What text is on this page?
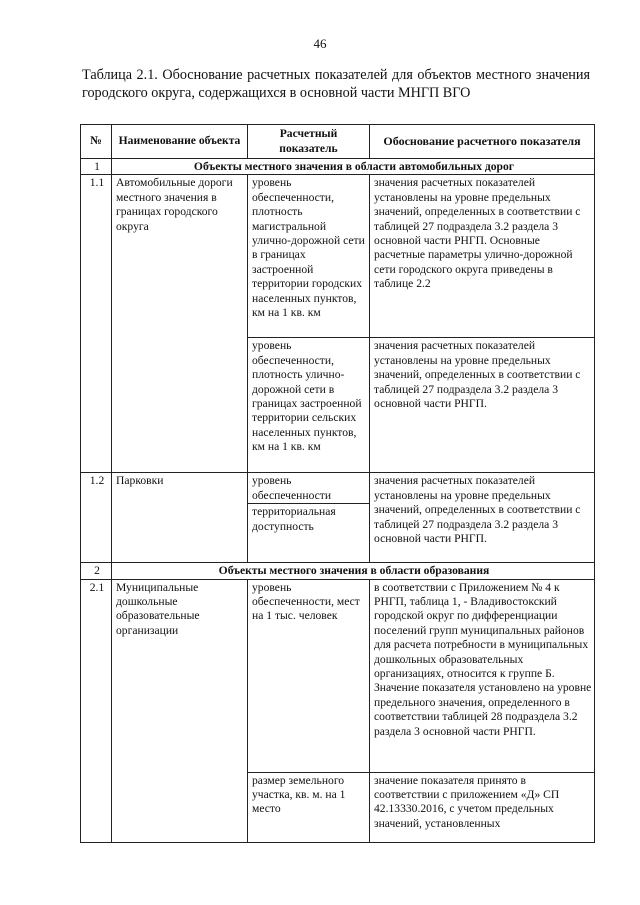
46
Таблица 2.1. Обоснование расчетных показателей для объектов местного значения городского округа, содержащихся в основной части МНГП ВГО
№	Наименование объекта	Расчетный показатель	Обоснование расчетного показателя
1	Объекты местного значения в области автомобильных дорог		
1.1	Автомобильные дороги местного значения в границах городского округа	уровень обеспеченности, плотность магистральной улично-дорожной сети в границах застроенной территории городских населенных пунктов, км на 1 кв. км	значения расчетных показателей установлены на уровне предельных значений, определенных в соответствии с таблицей 27 подраздела 3.2 раздела 3 основной части РНГП. Основные расчетные параметры улично-дорожной сети городского округа приведены в таблице 2.2
		уровень обеспеченности, плотность улично-дорожной сети в границах застроенной территории сельских населенных пунктов, км на 1 кв. км	значения расчетных показателей установлены на уровне предельных значений, определенных в соответствии с таблицей 27 подраздела 3.2 раздела 3 основной части РНГП.
1.2	Парковки	уровень обеспеченности	значения расчетных показателей установлены на уровне предельных значений, определенных в соответствии с таблицей 27 подраздела 3.2 раздела 3 основной части РНГП.
		территориальная доступность	
2	Объекты местного значения в области образования		
2.1	Муниципальные дошкольные образовательные организации	уровень обеспеченности, мест на 1 тыс. человек	в соответствии с Приложением № 4 к РНГП, таблица 1, - Владивостокский городской округ по дифференциации поселений групп муниципальных районов для расчета потребности в муниципальных дошкольных образовательных организациях, относится к группе Б. Значение показателя установлено на уровне предельного значения, определенного в соответствии таблицей 28 подраздела 3.2 раздела 3 основной части РНГП.
		размер земельного участка, кв. м. на 1 место	значение показателя принято в соответствии с приложением «Д» СП 42.13330.2016, с учетом предельных значений, установленных
